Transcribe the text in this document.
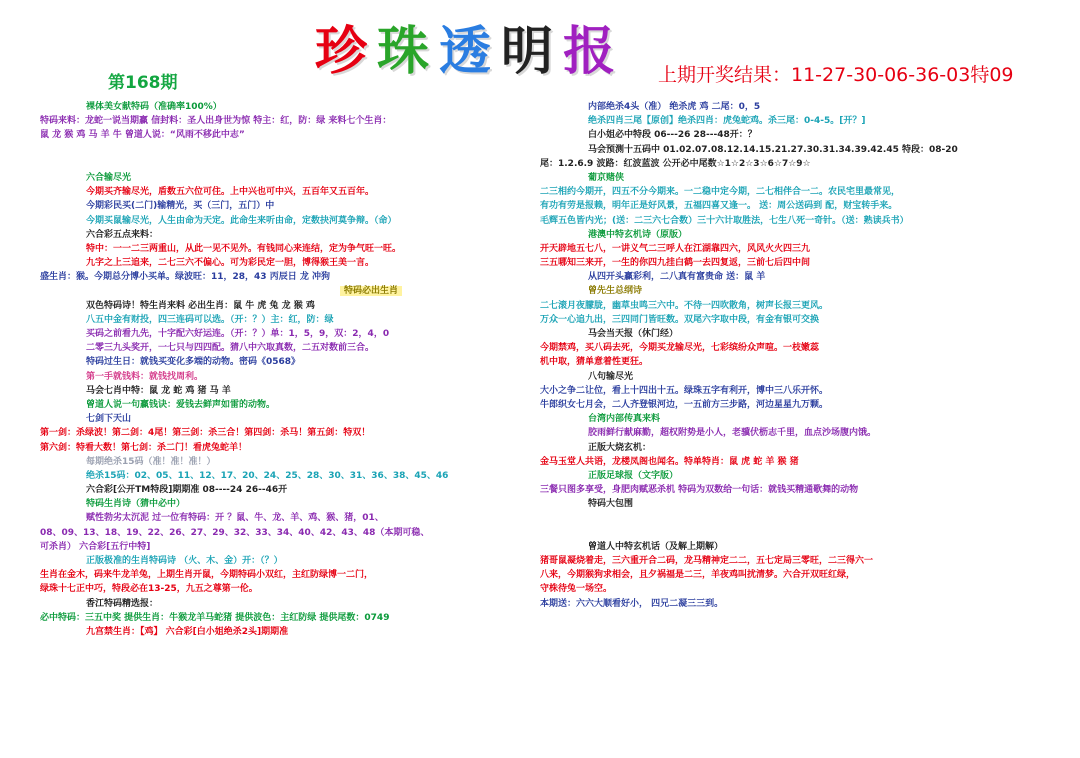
珍 珠 透 明 报
第168期	上期开奖结果：11-27-30-06-36-03特09
裸体美女献特码（准确率100%）
特码来料：龙蛇一说当期赢 信封料：圣人出身世为惊 特主：红，防：绿 来料七个生肖：
鼠 龙 猴 鸡 马 羊 牛 曾道人说：“风雨不移此中志”
六合输尽光
今期买齐输尽光，盾数五六位可住。上中兴也可中兴，五百年又五百年。
今期彩民买(二门)输精光，买（三门，五门）中
今期买鼠输尽光，人生由命为天定。此命生来听由命，定数抉河莫争辩。（命）
六合彩五点来料：
特中：一一二三两重山，从此一见不见外。有钱同心来连结，定为争气旺一旺。
九字之上三追来，二七三六不偏心。可为彩民定一胆，博得猴王美一言。
盛生肖：猴。今期总分博小买单。绿波旺：11，28，43 丙辰日 龙 冲狗
特码必出生肖
双色特码诗！特生肖来料 必出生肖：鼠 牛 虎 兔 龙 猴 鸡
八五中金有财投，四三连码可以选。（开：？）主：红，防：绿
买码之前看九先，十字配六好运连。（开：？）单：1，5，9，双：2，4，0
二零三九头奖开，一七只与四四配。猜八中六取真数，二五对数前三合。
特码过生日：就钱买变化多端的动物。密码《0568》
第一手就钱料：就钱找周利。
马会七肖中特：鼠 龙 蛇 鸡 猪 马 羊
曾道人说一句赢钱诀：爱钱去鲜声如雷的动物。
七剑下天山
第一剑：杀绿波！第二剑：4尾！第三剑：杀三合！第四剑：杀马！第五剑：特双！
第六剑：特看大数！第七剑：杀二门！看虎兔蛇羊！
每期绝杀15码（准！准！准！）
绝杀15码：02、05、11、12、17、20、24、25、28、30、31、36、38、45、46
六合彩[公开TM特段]期期准 08----24 26--46开
特码生肖诗（猜中必中）
赋性勃劣太沉泥 过一位有特码：开 ？鼠、牛、龙、羊、鸡、猴、猪，01、
08、09、13、18、19、22、26、27、29、32、33、34、40、42、43、48（本期可稳、
可杀肖） 六合彩[五行中特]
正版极准的生肖特码诗 （火、木、金）开：（？）
生肖在金木，码来牛龙羊兔，上期生肖开鼠，今期特码小双红，主红防绿博一二门，
绿珠十七正中巧，特段必在13-25，九五之尊第一伦。
香江特码精选报：
必中特码：三五中奖 提供生肖：牛猴龙羊马蛇猪 提供波色：主红防绿 提供尾数：0749
九宫禁生肖：【鸡】 六合彩[白小姐绝杀2头]期期准
内部绝杀4头（准） 绝杀虎 鸡 二尾：0，5
绝杀四肖三尾【原创】绝杀四肖：虎兔蛇鸡。杀三尾：0-4-5。[开？]
白小姐必中特段 06---26 28---48开：？
马会预测十五码中 01.02.07.08.12.14.15.21.27.30.31.34.39.42.45 特段：08-20
尾：1.2.6.9 波路：红波蓝波 公开必中尾数☆1☆2☆3☆6☆7☆9☆
葡京赌侠
二三相约今期开，四五不分今期来。一二稳中定今期，二七相伴合一二。农民宅里最常见，
有功有劳是报赖，明年正是好风景，五福四喜又逢一。 送：周公送码到 配，财宝转手来。
毛辉五色皆内光；(送：二三六七合数）三十六计取胜法，七生八死一奇针。（送：熟读兵书）
港澳中特玄机诗（原版）
开天辟地五七八，一讲义气二三呼人在江湖靠四六，风风火火四三九
三五哪知三来开，一生的你四九挂白鹤一去四复返，三前七后四中间
从四开头赢彩利，二八真有富贵命 送：鼠 羊
曾先生总纲诗
二七滚月夜朦胧，幽草虫鸣三六中。不待一四吹散角，树声长报三更风。
万众一心追九出，三四同门皆旺数。双尾六字取中段，有金有银可交换
马会当天报（休门经）
今期禁鸡，买八码去死，今期买龙输尽光，七彩缤纷众声喧。一枝嫩蕊
机中取，猜单意着性更狂。
八句输尽光
大小之争二让位，看上十四出十五。绿珠五字有利开，博中三八乐开怀。
牛郎织女七月会，二人齐登银河边，一五前方三步路，河边星星九万颗。
台湾内部传真来料
胶雨鲜行献麻勤，超权附势是小人，老骥伏枥志千里，血点沙场腹内饿。
正版大烧玄机：
金马玉堂人共语，龙楼凤阁也闻名。特单特肖：鼠 虎 蛇 羊 猴 猪
正版足球报（文字版）
三餐只图多享受，身肥肉赋恶杀机 特码为双数给一句话：就钱买精通歌舞的动物
特码大包围
曾道人中特玄机话（及解上期解）
猪哥鼠凝烧着走，三六重开合二码，龙马精神定二二，五七定局三零旺，二三得六一
八来，今期猴狗求相会，且夕祸福是二三，羊夜鸡叫扰清梦。六合开双旺红绿，
守株待兔一场空。
本期送：六六大顺看好小， 四兄二凝三三到。
